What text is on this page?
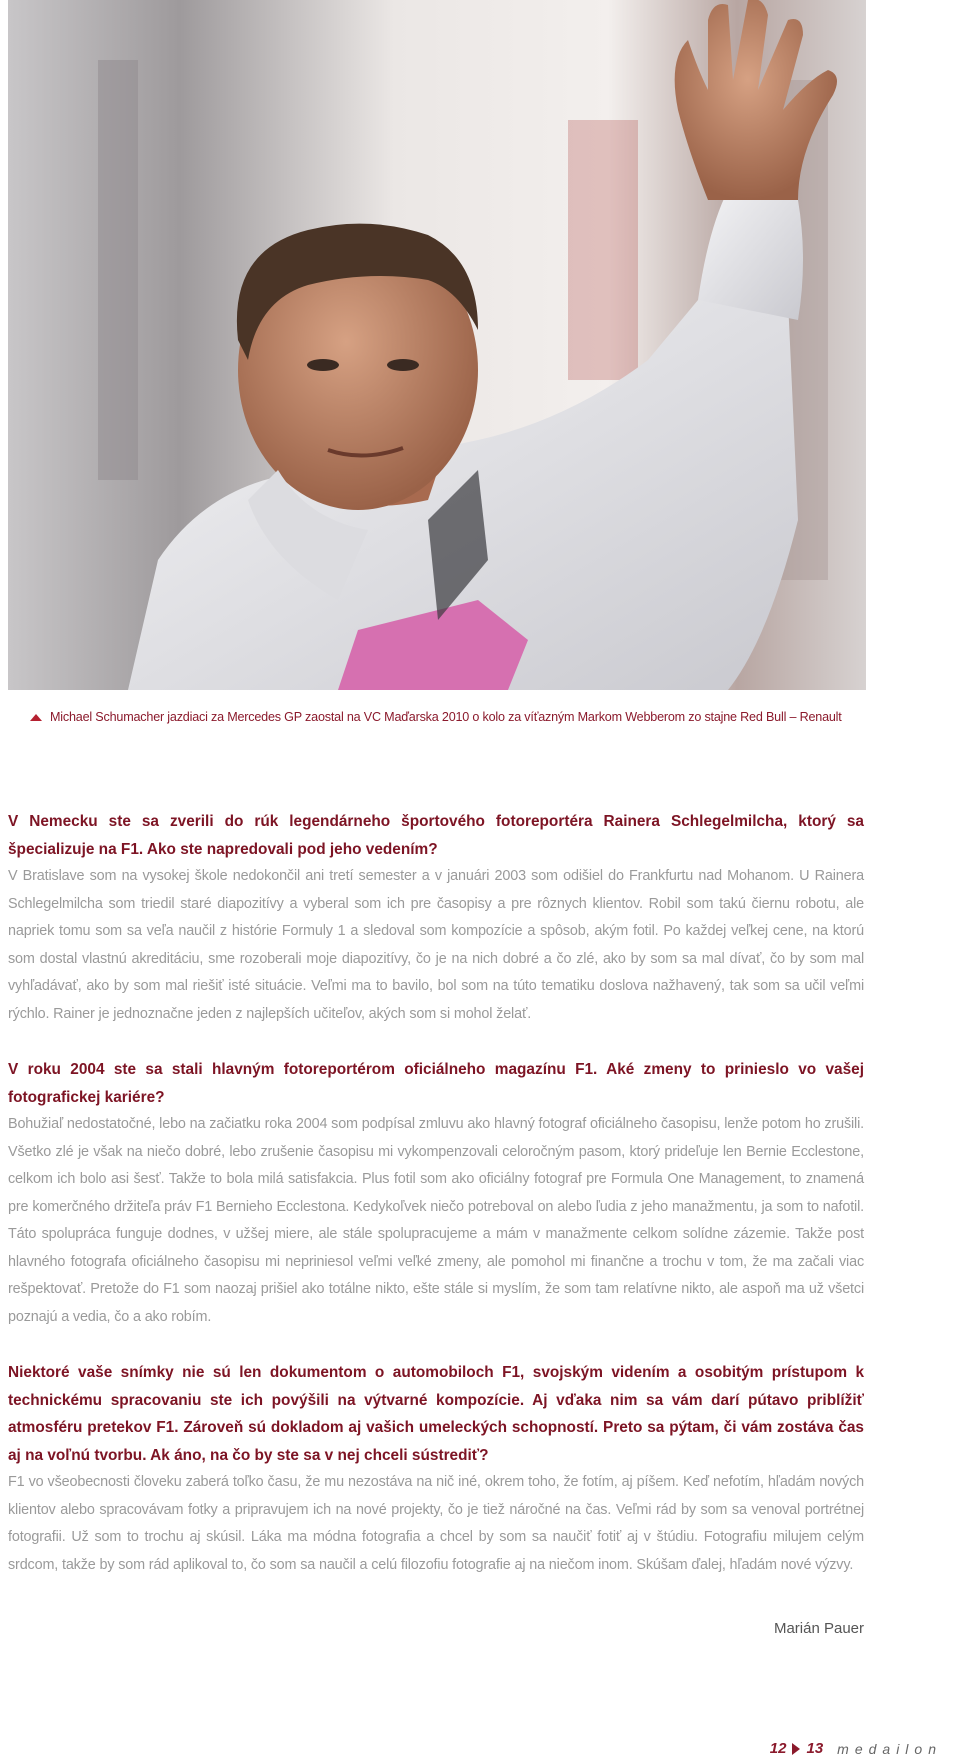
Michael Schumacher jazdiaci za Mercedes GP zaostal na VC Maďarska 2010 o kolo za víťazným Markom Webberom zo stajne Red Bull – Renault

V Nemecku ste sa zverili do rúk legendárneho športového fotoreportéra Rainera Schlegelmilcha, ktorý sa špecializuje na F1. Ako ste napredovali pod jeho vedením?

V Bratislave som na vysokej škole nedokončil ani tretí semester a v januári 2003 som odišiel do Frankfurtu nad Mohanom. U Rainera Schlegelmilcha som triedil staré diapozitívy a vyberal som ich pre časopisy a pre rôznych klientov. Robil som takú čiernu robotu, ale napriek tomu som sa veľa naučil z histórie Formuly 1 a sledoval som kompozície a spôsob, akým fotil. Po každej veľkej cene, na ktorú som dostal vlastnú akreditáciu, sme rozoberali moje diapozitívy, čo je na nich dobré a čo zlé, ako by som sa mal dívať, čo by som mal vyhľadávať, ako by som mal riešiť isté situácie. Veľmi ma to bavilo, bol som na túto tematiku doslova nažhavený, tak som sa učil veľmi rýchlo. Rainer je jednoznačne jeden z najlepších učiteľov, akých som si mohol želať.

V roku 2004 ste sa stali hlavným fotoreportérom oficiálneho magazínu F1. Aké zmeny to prinieslo vo vašej fotografickej kariére?

Bohužiaľ nedostatočné, lebo na začiatku roka 2004 som podpísal zmluvu ako hlavný fotograf oficiálneho časopisu, lenže potom ho zrušili. Všetko zlé je však na niečo dobré, lebo zrušenie časopisu mi vykompenzovali celoročným pasom, ktorý prideľuje len Bernie Ecclestone, celkom ich bolo asi šesť. Takže to bola milá satisfakcia. Plus fotil som ako oficiálny fotograf pre Formula One Management, to znamená pre komerčného držiteľa práv F1 Bernieho Ecclestona. Kedykoľvek niečo potreboval on alebo ľudia z jeho manažmentu, ja som to nafotil. Táto spolupráca funguje dodnes, v užšej miere, ale stále spolupracujeme a mám v manažmente celkom solídne zázemie. Takže post hlavného fotografa oficiálneho časopisu mi nepriniesol veľmi veľké zmeny, ale pomohol mi finančne a trochu v tom, že ma začali viac rešpektovať. Pretože do F1 som naozaj prišiel ako totálne nikto, ešte stále si myslím, že som tam relatívne nikto, ale aspoň ma už všetci poznajú a vedia, čo a ako robím.

Niektoré vaše snímky nie sú len dokumentom o automobiloch F1, svojským videním a osobitým prístupom k technickému spracovaniu ste ich povýšili na výtvarné kompozície. Aj vďaka nim sa vám darí pútavo priblížiť atmosféru pretekov F1. Zároveň sú dokladom aj vašich umeleckých schopností. Preto sa pýtam, či vám zostáva čas aj na voľnú tvorbu. Ak áno, na čo by ste sa v nej chceli sústrediť?

F1 vo všeobecnosti človeku zaberá toľko času, že mu nezostáva na nič iné, okrem toho, že fotím, aj píšem. Keď nefotím, hľadám nových klientov alebo spracovávam fotky a pripravujem ich na nové projekty, čo je tiež náročné na čas. Veľmi rád by som sa venoval portrétnej fotografii. Už som to trochu aj skúsil. Láka ma módna fotografia a chcel by som sa naučiť fotiť aj v štúdiu. Fotografiu milujem celým srdcom, takže by som rád aplikoval to, čo som sa naučil a celú filozofiu fotografie aj na niečom inom. Skúšam ďalej, hľadám nové výzvy.

Marián Pauer
12 13 medailon
